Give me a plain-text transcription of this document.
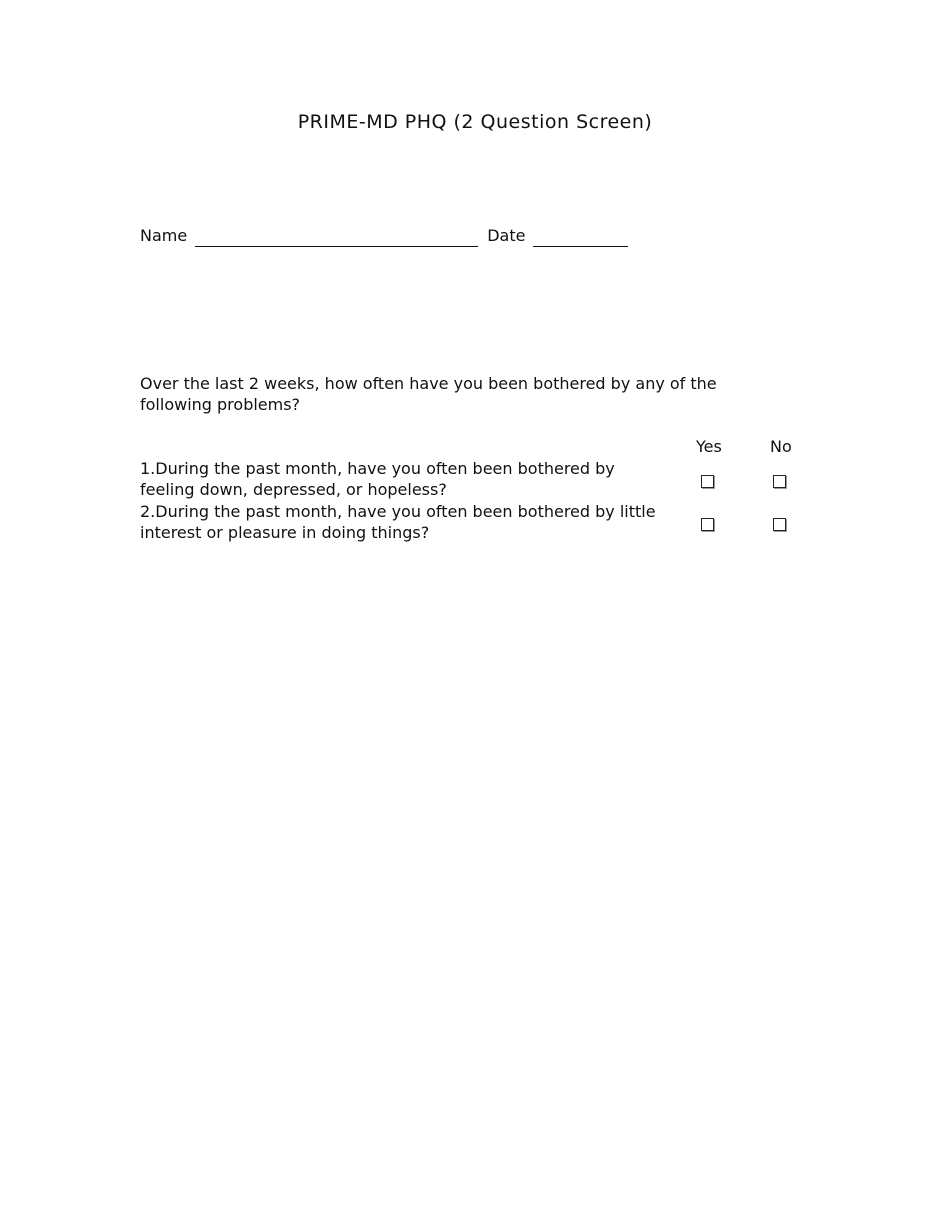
PRIME-MD PHQ (2 Question Screen)
Name	Date

Over the last 2 weeks, how often have you been bothered by any of the following problems?

Yes	No

1.During the past month, have you often been bothered by feeling down, depressed, or hopeless?

2.During the past month, have you often been bothered by little interest or pleasure in doing things?
